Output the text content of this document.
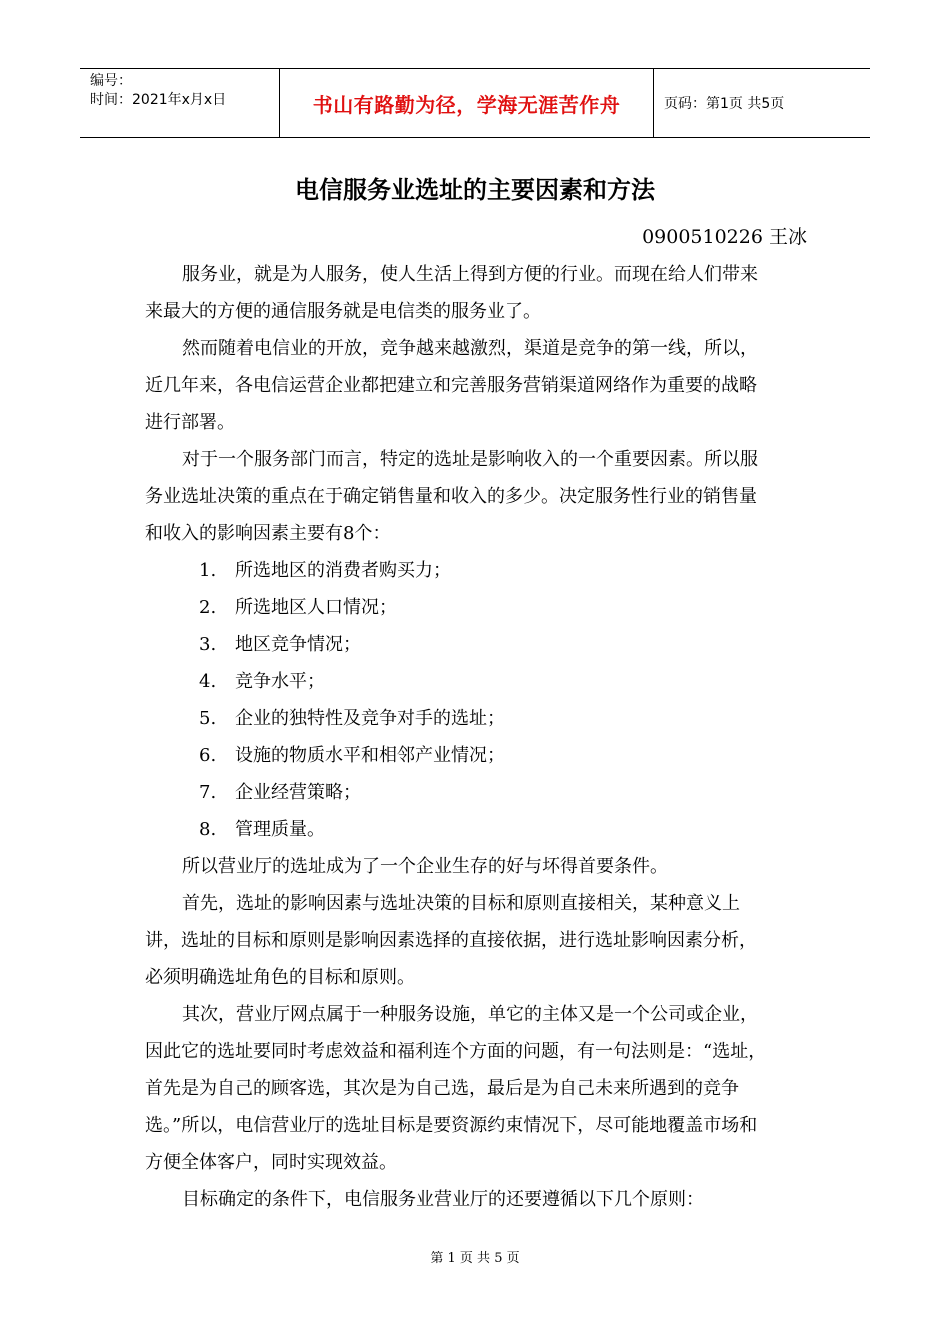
编号：
时间：2021年x月x日	书山有路勤为径，学海无涯苦作舟	页码：第1页 共5页
电信服务业选址的主要因素和方法
0900510226 王冰

服务业，就是为人服务，使人生活上得到方便的行业。而现在给人们带来来最大的方便的通信服务就是电信类的服务业了。

然而随着电信业的开放，竞争越来越激烈，渠道是竞争的第一线，所以，近几年来，各电信运营企业都把建立和完善服务营销渠道网络作为重要的战略进行部署。

对于一个服务部门而言，特定的选址是影响收入的一个重要因素。所以服务业选址决策的重点在于确定销售量和收入的多少。决定服务性行业的销售量和收入的影响因素主要有8个：

1.	所选地区的消费者购买力；
2.	所选地区人口情况；
3.	地区竞争情况；
4.	竞争水平；
5.	企业的独特性及竞争对手的选址；
6.	设施的物质水平和相邻产业情况；
7.	企业经营策略；
8.	管理质量。

所以营业厅的选址成为了一个企业生存的好与坏得首要条件。

首先，选址的影响因素与选址决策的目标和原则直接相关，某种意义上讲，选址的目标和原则是影响因素选择的直接依据，进行选址影响因素分析，必须明确选址角色的目标和原则。

其次，营业厅网点属于一种服务设施，单它的主体又是一个公司或企业，因此它的选址要同时考虑效益和福利连个方面的问题，有一句法则是：“选址，首先是为自己的顾客选，其次是为自己选，最后是为自己未来所遇到的竞争选。”所以，电信营业厅的选址目标是要资源约束情况下，尽可能地覆盖市场和方便全体客户，同时实现效益。

目标确定的条件下，电信服务业营业厅的还要遵循以下几个原则：

第 1 页 共 5 页
